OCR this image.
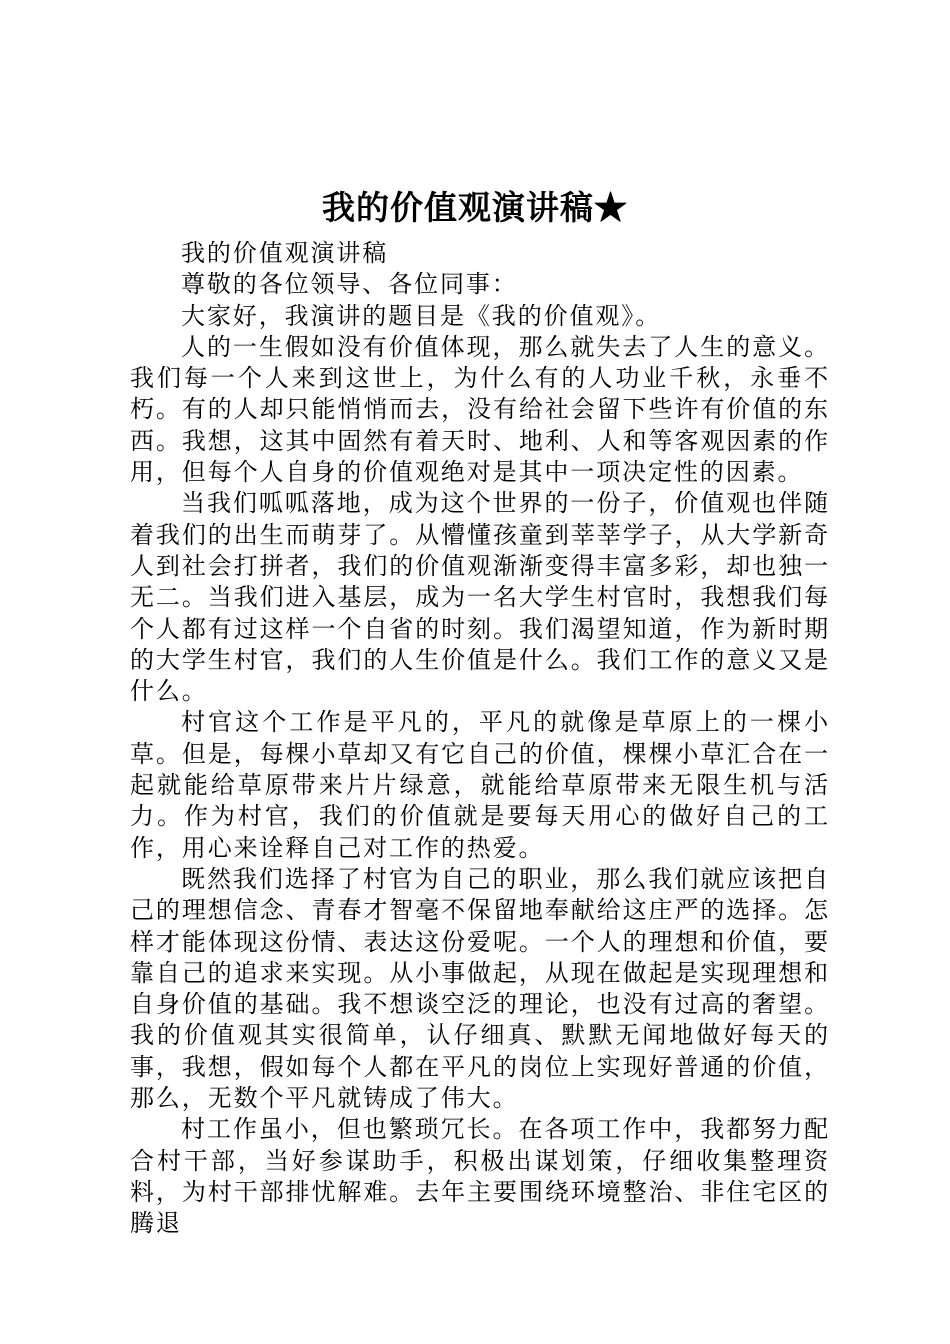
我的价值观演讲稿★

我的价值观演讲稿

尊敬的各位领导、各位同事：

大家好，我演讲的题目是《我的价值观》。

人的一生假如没有价值体现，那么就失去了人生的意义。我们每一个人来到这世上，为什么有的人功业千秋，永垂不朽。有的人却只能悄悄而去，没有给社会留下些许有价值的东西。我想，这其中固然有着天时、地利、人和等客观因素的作用，但每个人自身的价值观绝对是其中一项决定性的因素。

当我们呱呱落地，成为这个世界的一份子，价值观也伴随着我们的出生而萌芽了。从懵懂孩童到莘莘学子，从大学新奇人到社会打拼者，我们的价值观渐渐变得丰富多彩，却也独一无二。当我们进入基层，成为一名大学生村官时，我想我们每个人都有过这样一个自省的时刻。我们渴望知道，作为新时期的大学生村官，我们的人生价值是什么。我们工作的意义又是什么。

村官这个工作是平凡的，平凡的就像是草原上的一棵小草。但是，每棵小草却又有它自己的价值，棵棵小草汇合在一起就能给草原带来片片绿意，就能给草原带来无限生机与活力。作为村官，我们的价值就是要每天用心的做好自己的工作，用心来诠释自己对工作的热爱。

既然我们选择了村官为自己的职业，那么我们就应该把自己的理想信念、青春才智毫不保留地奉献给这庄严的选择。怎样才能体现这份情、表达这份爱呢。一个人的理想和价值，要靠自己的追求来实现。从小事做起，从现在做起是实现理想和自身价值的基础。我不想谈空泛的理论，也没有过高的奢望。我的价值观其实很简单，认仔细真、默默无闻地做好每天的事，我想，假如每个人都在平凡的岗位上实现好普通的价值，那么，无数个平凡就铸成了伟大。

村工作虽小，但也繁琐冗长。在各项工作中，我都努力配合村干部，当好参谋助手，积极出谋划策，仔细收集整理资料，为村干部排忧解难。去年主要围绕环境整治、非住宅区的腾退
